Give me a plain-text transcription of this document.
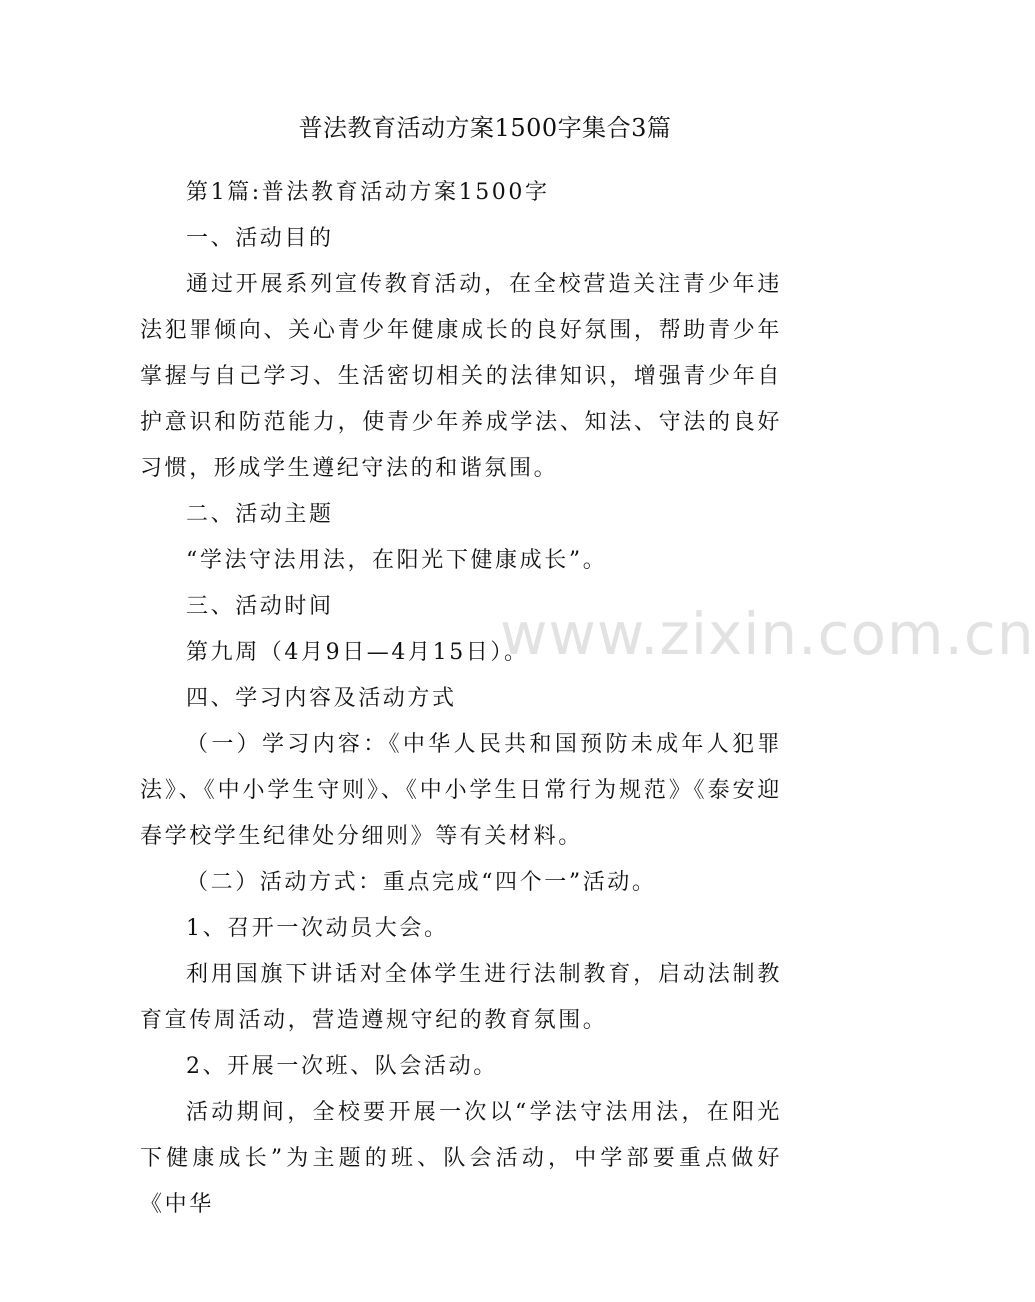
普法教育活动方案1500字集合3篇

第1篇:普法教育活动方案1500字

一、活动目的

通过开展系列宣传教育活动，在全校营造关注青少年违法犯罪倾向、关心青少年健康成长的良好氛围，帮助青少年掌握与自己学习、生活密切相关的法律知识，增强青少年自护意识和防范能力，使青少年养成学法、知法、守法的良好习惯，形成学生遵纪守法的和谐氛围。

二、活动主题

“学法守法用法，在阳光下健康成长”。

三、活动时间

第九周（4月9日—4月15日）。

四、学习内容及活动方式

（一）学习内容：《中华人民共和国预防未成年人犯罪法》、《中小学生守则》、《中小学生日常行为规范》《泰安迎春学校学生纪律处分细则》等有关材料。

（二）活动方式：重点完成“四个一”活动。

1、召开一次动员大会。

利用国旗下讲话对全体学生进行法制教育，启动法制教育宣传周活动，营造遵规守纪的教育氛围。

2、开展一次班、队会活动。

活动期间，全校要开展一次以“学法守法用法，在阳光下健康成长”为主题的班、队会活动，中学部要重点做好《中华

www.zixin.com.cn
